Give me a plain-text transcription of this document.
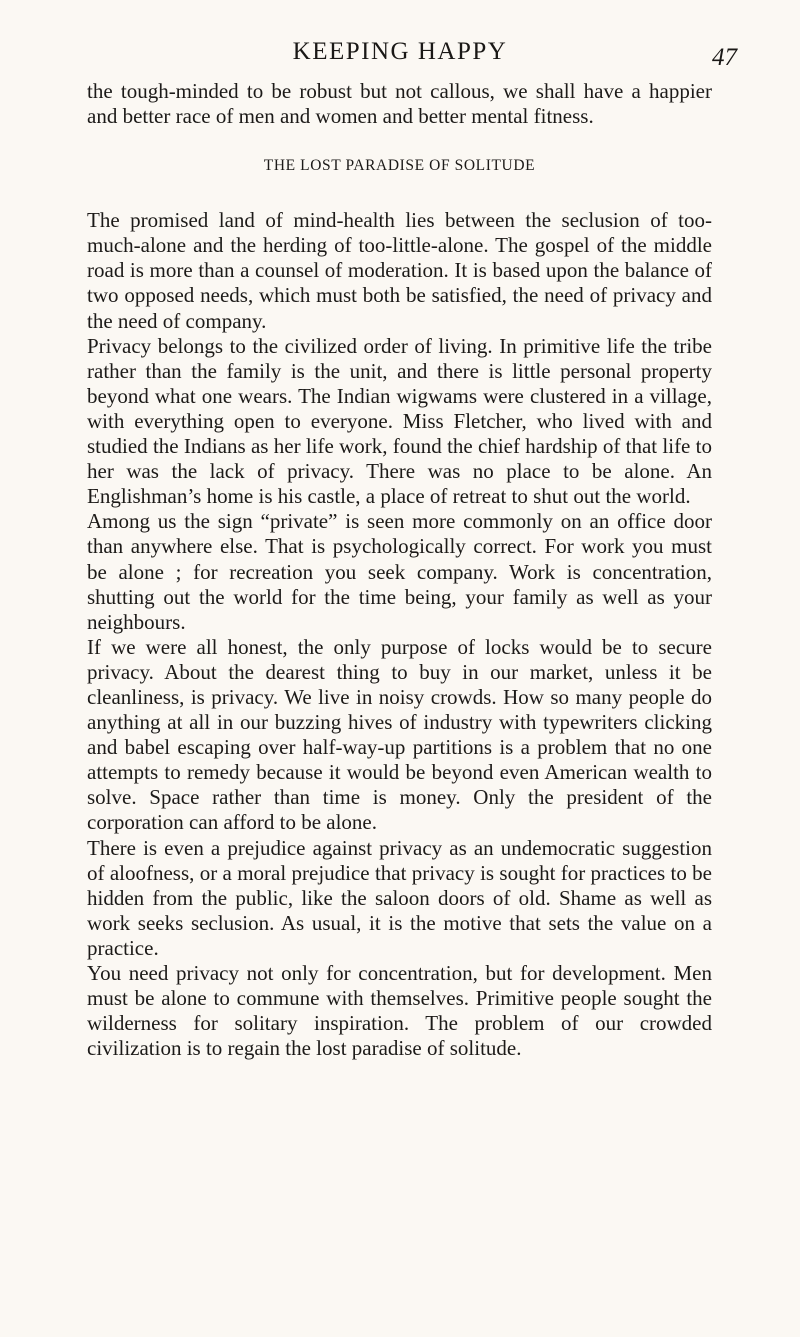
KEEPING HAPPY	47

the tough-minded to be robust but not callous, we shall have a happier and better race of men and women and better mental fitness.

THE LOST PARADISE OF SOLITUDE

The promised land of mind-health lies between the seclusion of too-much-alone and the herding of too-little-alone. The gospel of the middle road is more than a counsel of moderation. It is based upon the balance of two opposed needs, which must both be satisfied, the need of privacy and the need of company.

Privacy belongs to the civilized order of living. In primitive life the tribe rather than the family is the unit, and there is little personal property beyond what one wears. The Indian wigwams were clustered in a village, with everything open to everyone. Miss Fletcher, who lived with and studied the Indians as her life work, found the chief hardship of that life to her was the lack of privacy. There was no place to be alone. An Englishman’s home is his castle, a place of retreat to shut out the world.

Among us the sign “private” is seen more commonly on an office door than anywhere else. That is psychologically correct. For work you must be alone ; for recreation you seek company. Work is concentration, shutting out the world for the time being, your family as well as your neighbours.

If we were all honest, the only purpose of locks would be to secure privacy. About the dearest thing to buy in our market, unless it be cleanliness, is privacy. We live in noisy crowds. How so many people do anything at all in our buzzing hives of industry with typewriters clicking and babel escaping over half-way-up partitions is a problem that no one attempts to remedy because it would be beyond even American wealth to solve. Space rather than time is money. Only the president of the corporation can afford to be alone.

There is even a prejudice against privacy as an undemocratic suggestion of aloofness, or a moral prejudice that privacy is sought for practices to be hidden from the public, like the saloon doors of old. Shame as well as work seeks seclusion. As usual, it is the motive that sets the value on a practice.

You need privacy not only for concentration, but for development. Men must be alone to commune with themselves. Primitive people sought the wilderness for solitary inspiration. The problem of our crowded civilization is to regain the lost paradise of solitude.
